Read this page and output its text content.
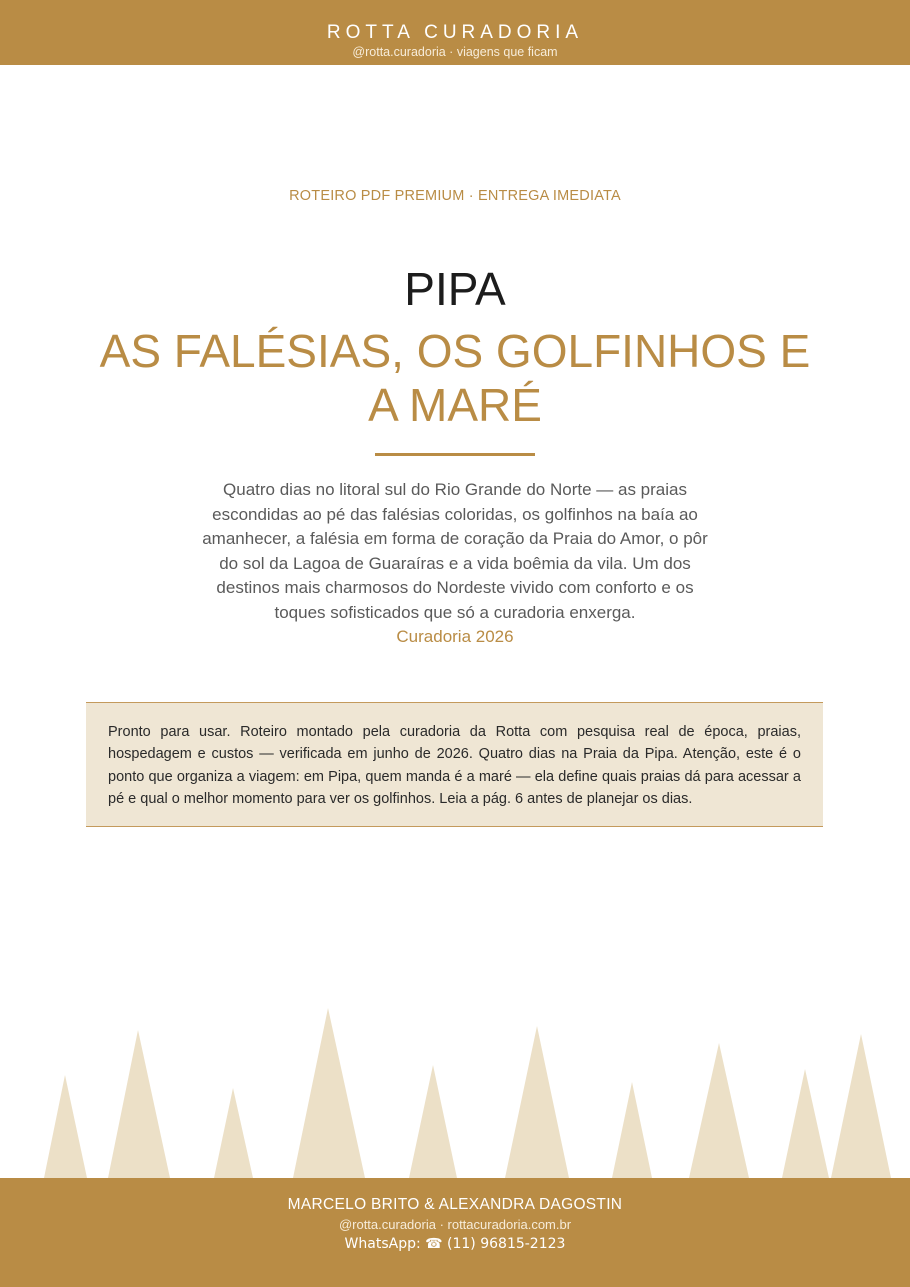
ROTTA CURADORIA
@rotta.curadoria · viagens que ficam
ROTEIRO PDF PREMIUM · ENTREGA IMEDIATA
PIPA
AS FALÉSIAS, OS GOLFINHOS E A MARÉ
Quatro dias no litoral sul do Rio Grande do Norte — as praias escondidas ao pé das falésias coloridas, os golfinhos na baía ao amanhecer, a falésia em forma de coração da Praia do Amor, o pôr do sol da Lagoa de Guaraíras e a vida boêmia da vila. Um dos destinos mais charmosos do Nordeste vivido com conforto e os toques sofisticados que só a curadoria enxerga.
Curadoria 2026
Pronto para usar. Roteiro montado pela curadoria da Rotta com pesquisa real de época, praias, hospedagem e custos — verificada em junho de 2026. Quatro dias na Praia da Pipa. Atenção, este é o ponto que organiza a viagem: em Pipa, quem manda é a maré — ela define quais praias dá para acessar a pé e qual o melhor momento para ver os golfinhos. Leia a pág. 6 antes de planejar os dias.
MARCELO BRITO & ALEXANDRA DAGOSTIN
@rotta.curadoria · rottacuradoria.com.br
WhatsApp: ☎ (11) 96815-2123
